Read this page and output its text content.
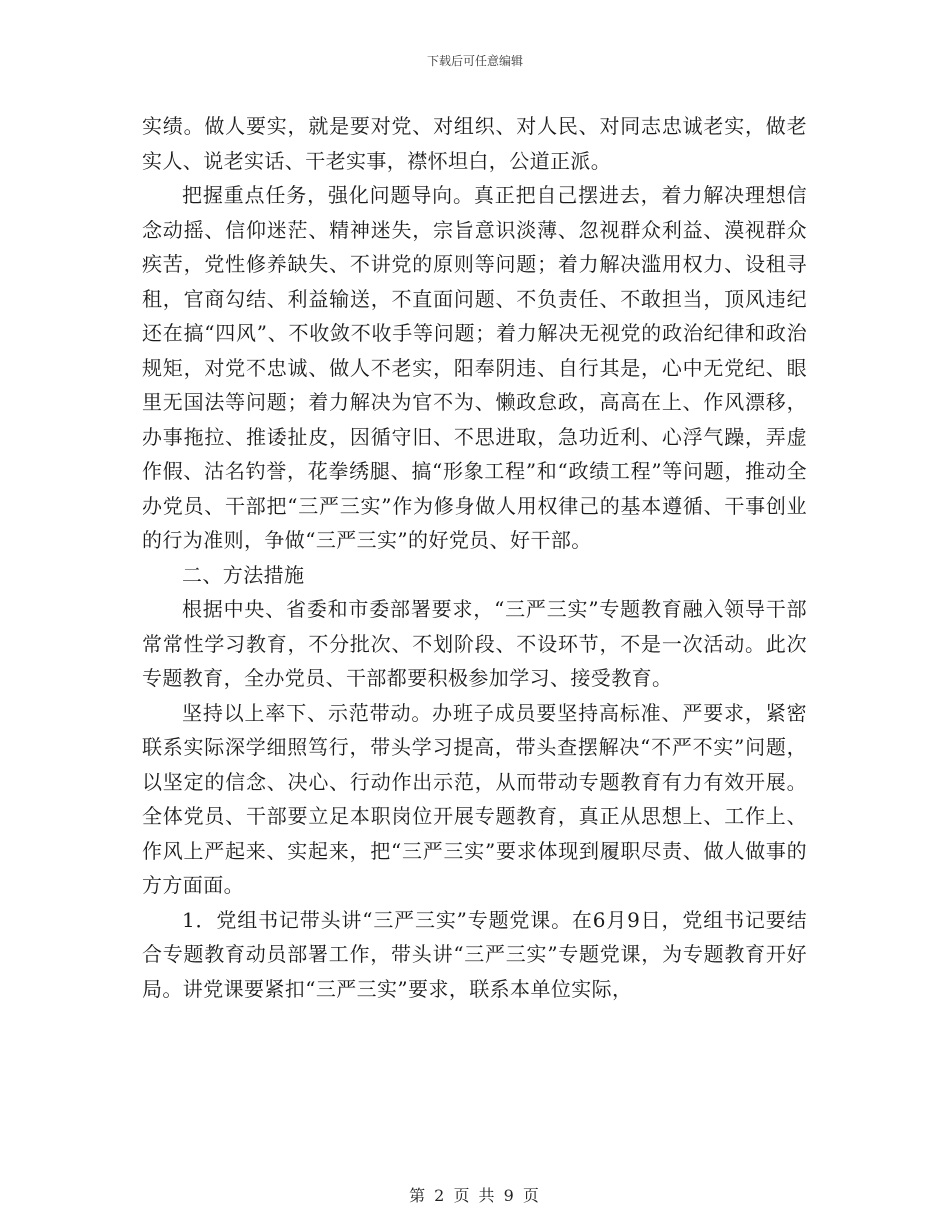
下载后可任意编辑

实绩。做人要实，就是要对党、对组织、对人民、对同志忠诚老实，做老实人、说老实话、干老实事，襟怀坦白，公道正派。

把握重点任务，强化问题导向。真正把自己摆进去，着力解决理想信念动摇、信仰迷茫、精神迷失，宗旨意识淡薄、忽视群众利益、漠视群众疾苦，党性修养缺失、不讲党的原则等问题；着力解决滥用权力、设租寻租，官商勾结、利益输送，不直面问题、不负责任、不敢担当，顶风违纪还在搞“四风”、不收敛不收手等问题；着力解决无视党的政治纪律和政治规矩，对党不忠诚、做人不老实，阳奉阴违、自行其是，心中无党纪、眼里无国法等问题；着力解决为官不为、懒政怠政，高高在上、作风漂移，办事拖拉、推诿扯皮，因循守旧、不思进取，急功近利、心浮气躁，弄虚作假、沽名钓誉，花拳绣腿、搞“形象工程”和“政绩工程”等问题，推动全办党员、干部把“三严三实”作为修身做人用权律己的基本遵循、干事创业的行为准则，争做“三严三实”的好党员、好干部。

二、方法措施

根据中央、省委和市委部署要求，“三严三实”专题教育融入领导干部常常性学习教育，不分批次、不划阶段、不设环节，不是一次活动。此次专题教育，全办党员、干部都要积极参加学习、接受教育。

坚持以上率下、示范带动。办班子成员要坚持高标准、严要求，紧密联系实际深学细照笃行，带头学习提高，带头查摆解决“不严不实”问题，以坚定的信念、决心、行动作出示范，从而带动专题教育有力有效开展。全体党员、干部要立足本职岗位开展专题教育，真正从思想上、工作上、作风上严起来、实起来，把“三严三实”要求体现到履职尽责、做人做事的方方面面。

1．党组书记带头讲“三严三实”专题党课。在6月9日，党组书记要结合专题教育动员部署工作，带头讲“三严三实”专题党课，为专题教育开好局。讲党课要紧扣“三严三实”要求，联系本单位实际，

第 2 页 共 9 页
